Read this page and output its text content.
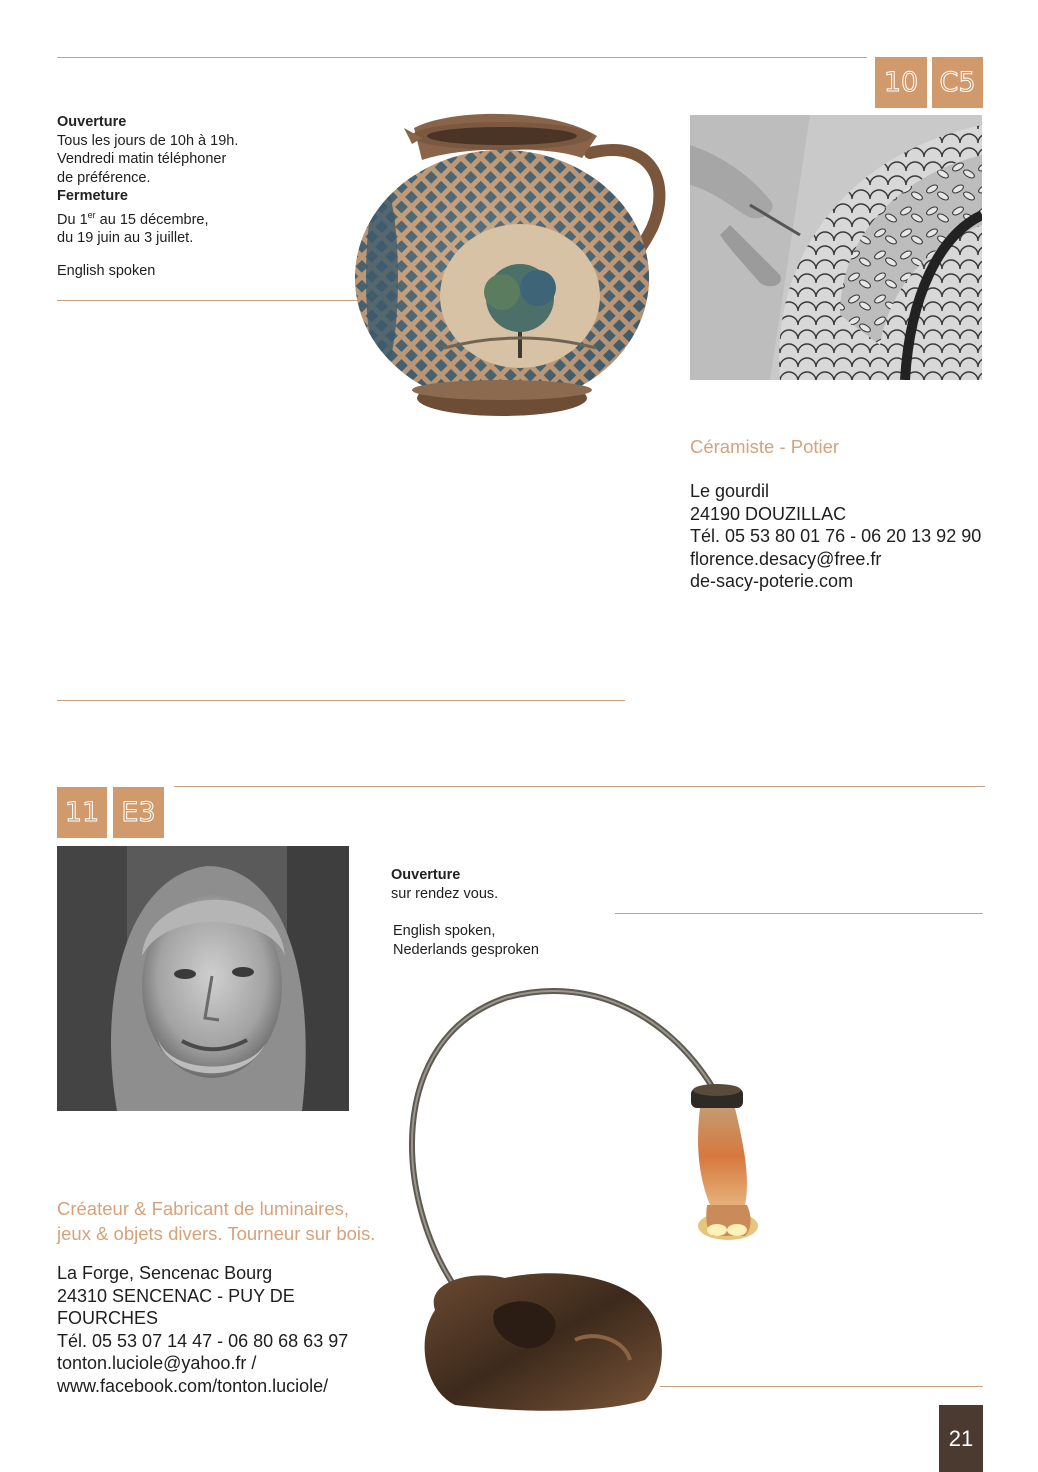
10 C5
Ouverture
Tous les jours de 10h à 19h.
Vendredi matin téléphoner
de préférence.
Fermeture
Du 1er au 15 décembre,
du 19 juin au 3 juillet.
English spoken
Céramiste - Potier
Le gourdil
24190 DOUZILLAC
Tél. 05 53 80 01 76 - 06 20 13 92 90
florence.desacy@free.fr
de-sacy-poterie.com
11 E3
Ouverture
sur rendez vous.
English spoken,
Nederlands gesproken
Créateur & Fabricant de luminaires,
jeux & objets divers. Tourneur sur bois.
La Forge, Sencenac Bourg
24310 SENCENAC - PUY DE
FOURCHES
Tél. 05 53 07 14 47 - 06 80 68 63 97
tonton.luciole@yahoo.fr /
www.facebook.com/tonton.luciole/
21
